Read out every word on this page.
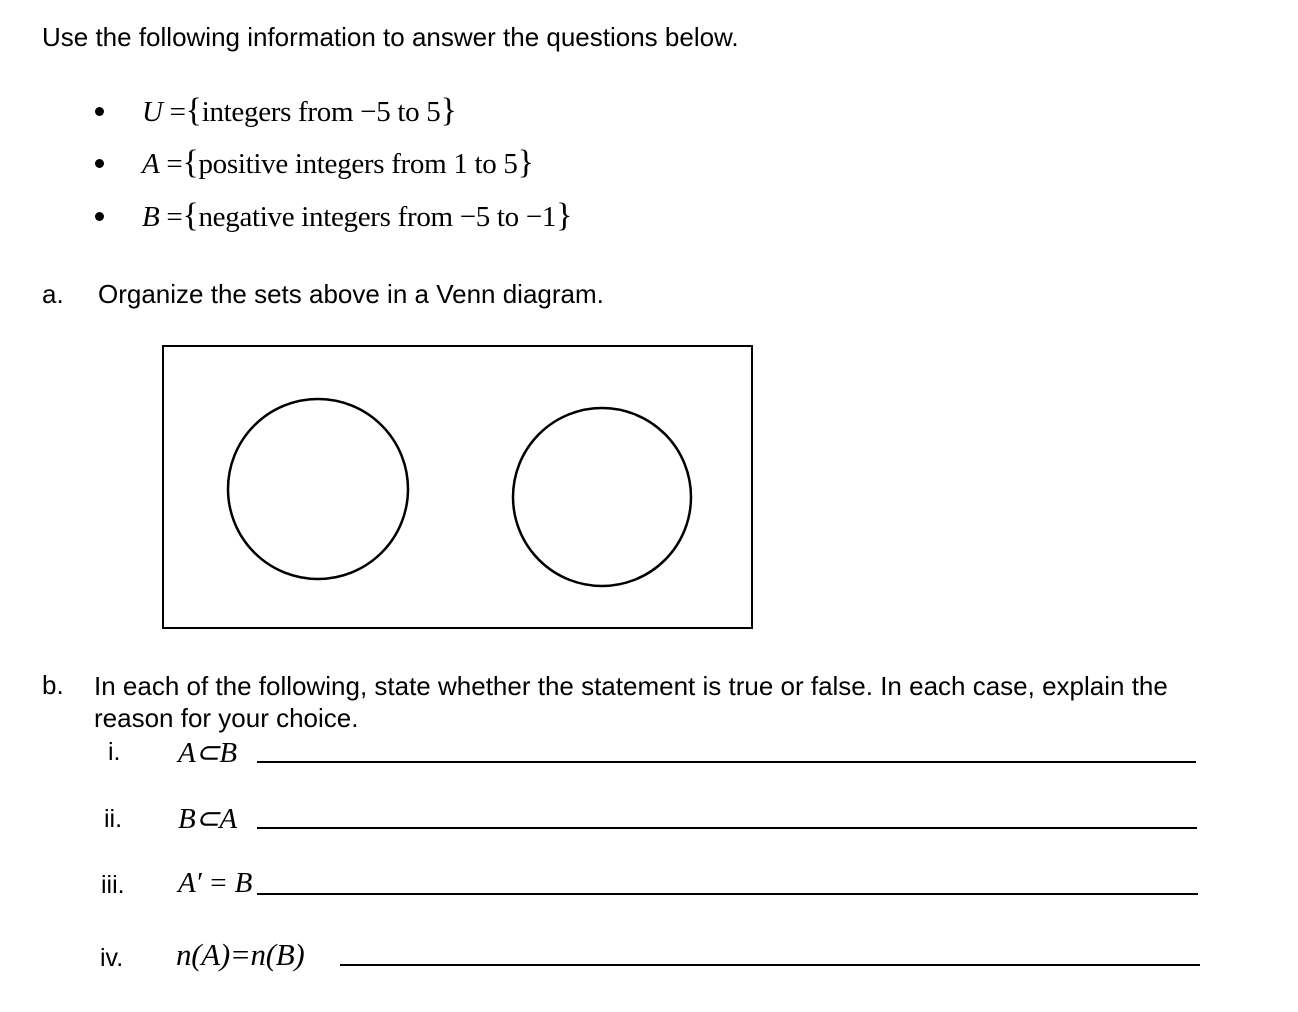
Use the following information to answer the questions below.
U ={integers from −5 to 5}
A ={positive integers from 1 to 5}
B ={negative integers from −5 to −1}
a. Organize the sets above in a Venn diagram.
b. In each of the following, state whether the statement is true or false. In each case, explain the reason for your choice.
i. A⊂B
ii. B⊂A
iii. A′ = B
iv. n(A)=n(B)
